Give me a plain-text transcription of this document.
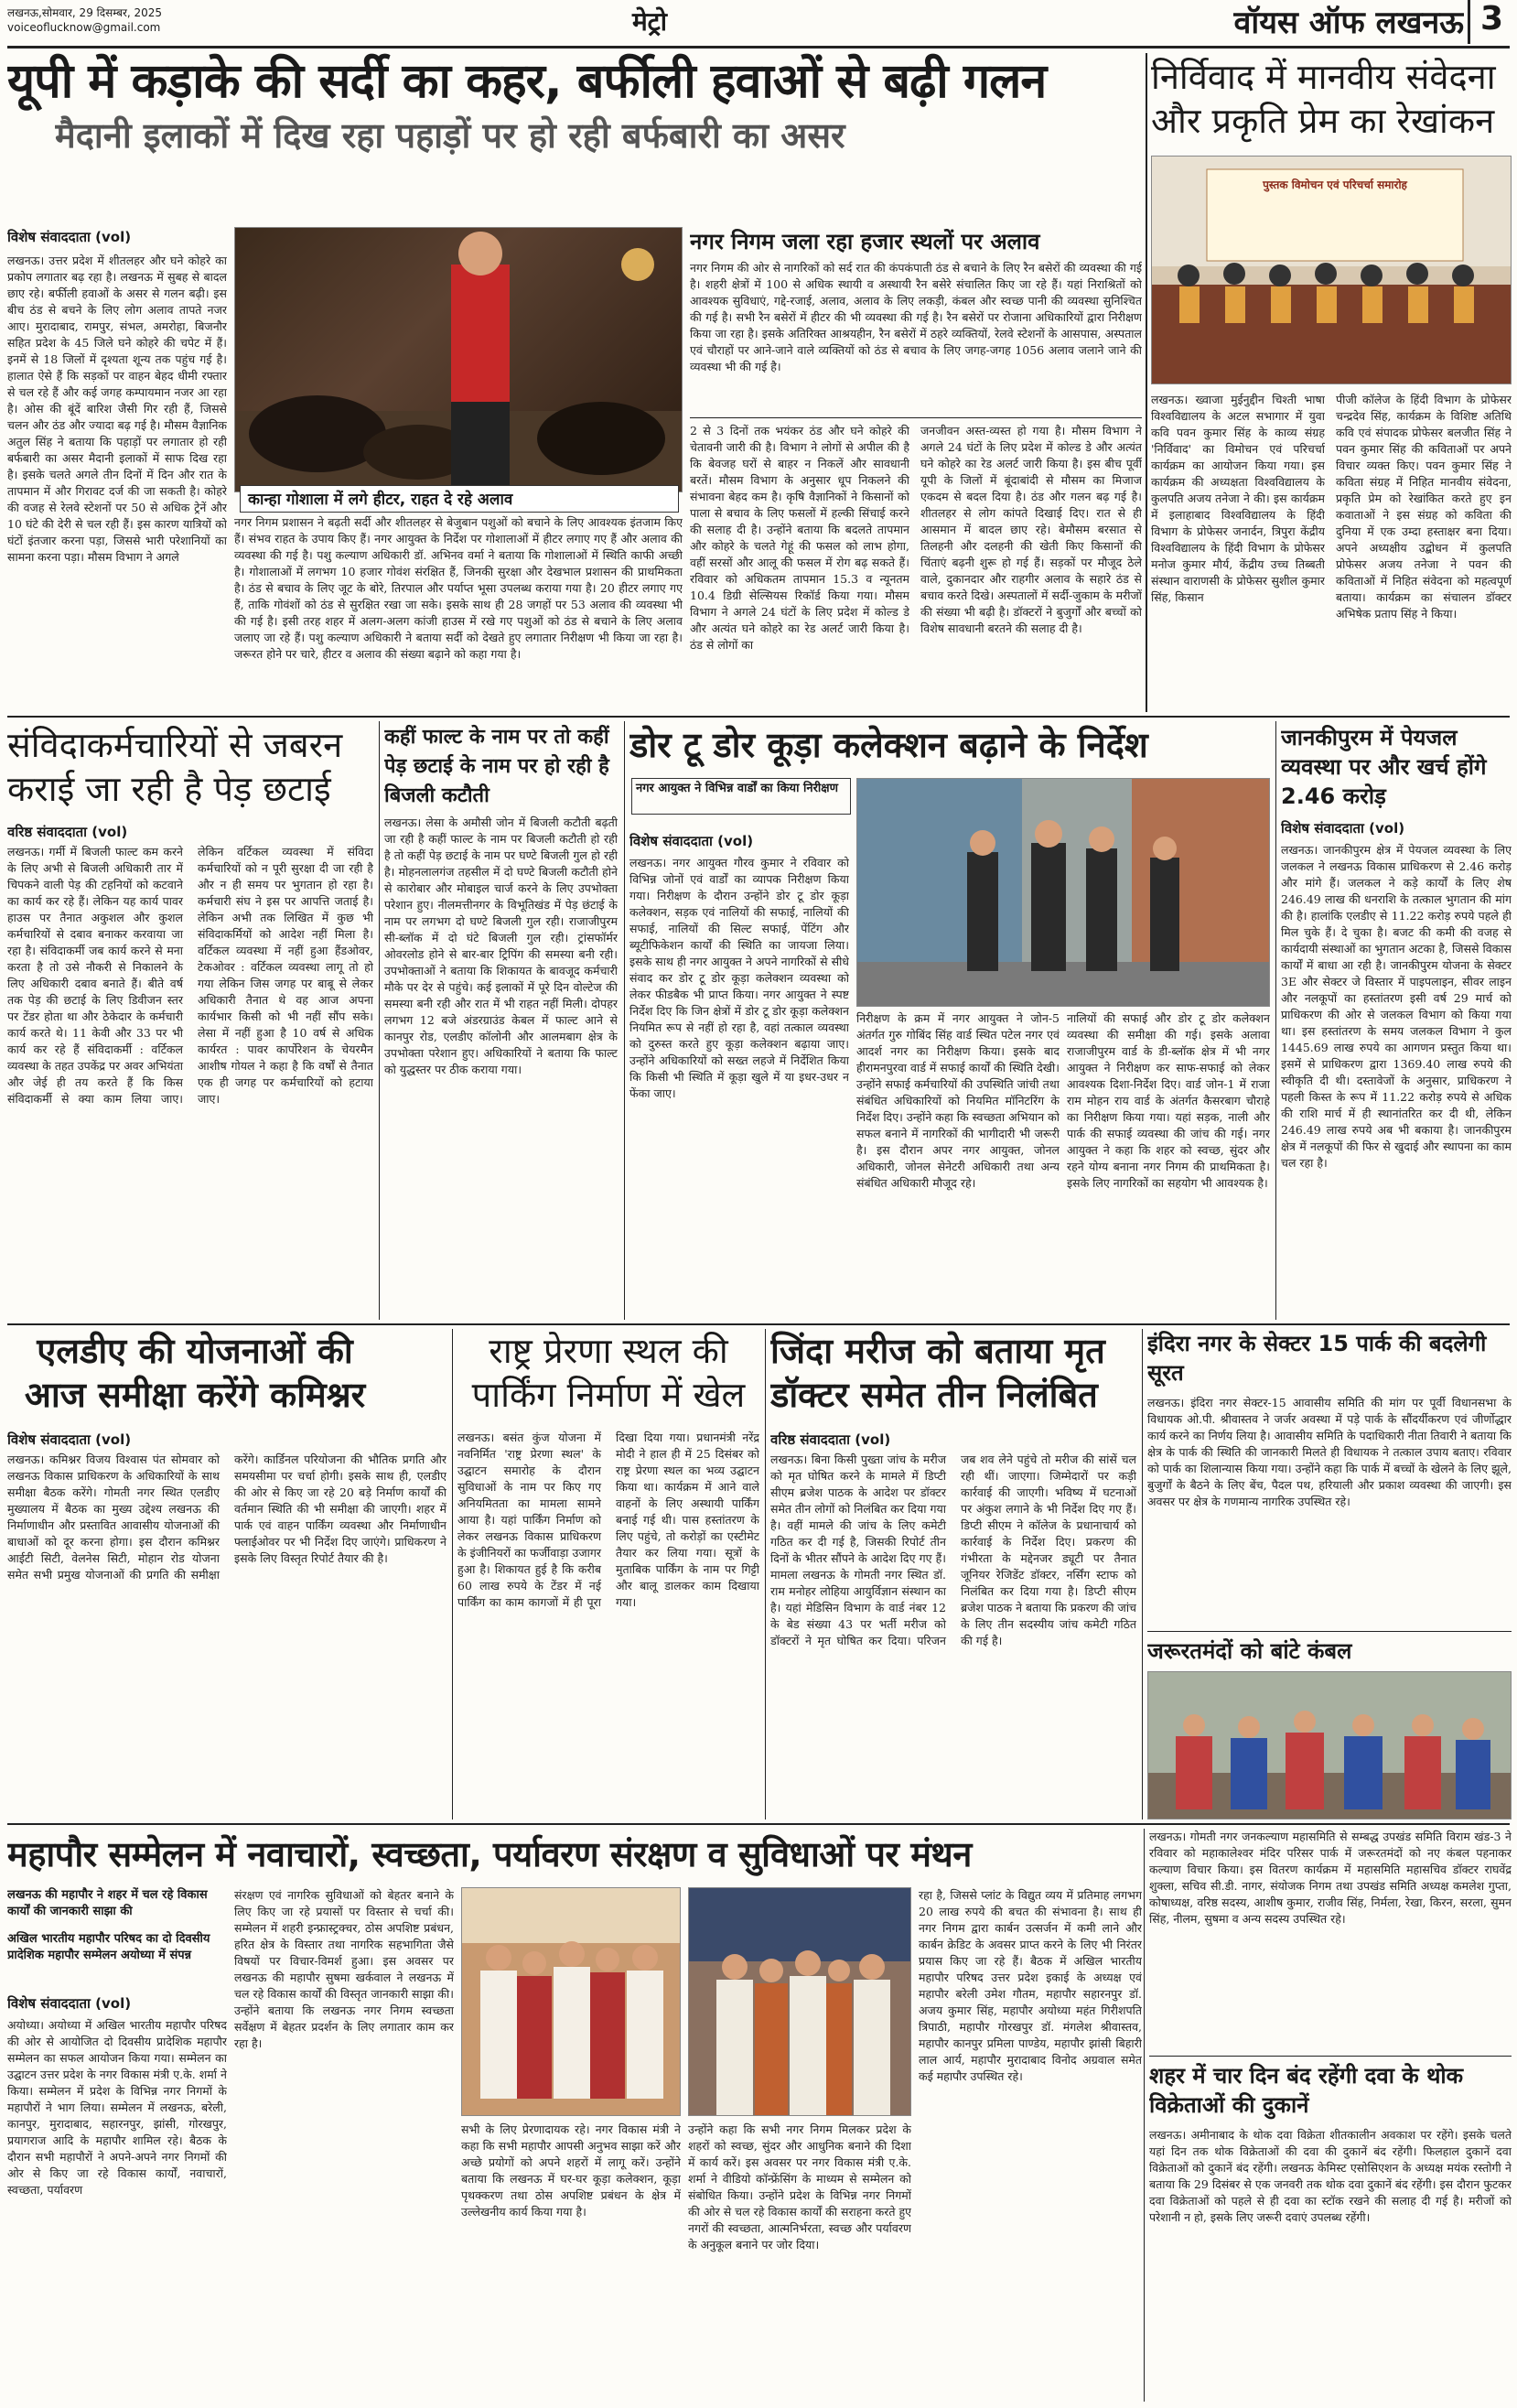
लखनऊ,सोमवार, 29 दिसम्बर, 2025
voiceoflucknow@gmail.com	मेट्रो	वॉयस ऑफ लखनऊ 3
यूपी में कड़ाके की सर्दी का कहर, बर्फीली हवाओं से बढ़ी गलन
मैदानी इलाकों में दिख रहा पहाड़ों पर हो रही बर्फबारी का असर
विशेष संवाददाता (vol)
लखनऊ। उत्तर प्रदेश में शीतलहर और घने कोहरे का प्रकोप लगातार बढ़ रहा है। लखनऊ में सुबह से बादल छाए रहे। बर्फीली हवाओं के असर से गलन बढ़ी। इस बीच ठंड से बचने के लिए लोग अलाव तापते नजर आए। मुरादाबाद, रामपुर, संभल, अमरोहा, बिजनौर सहित प्रदेश के 45 जिले घने कोहरे की चपेट में हैं। इनमें से 18 जिलों में दृश्यता शून्य तक पहुंच गई है। हालात ऐसे हैं कि सड़कों पर वाहन बेहद धीमी रफ्तार से चल रहे हैं और कई जगह कम्पायमान नजर आ रहा है। ओस की बूंदें बारिश जैसी गिर रही हैं, जिससे चलन और ठंड और ज्यादा बढ़ गई है। मौसम वैज्ञानिक अतुल सिंह ने बताया कि पहाड़ों पर लगातार हो रही बर्फबारी का असर मैदानी इलाकों में साफ दिख रहा है। इसके चलते अगले तीन दिनों में दिन और रात के तापमान में और गिरावट दर्ज की जा सकती है। कोहरे की वजह से रेलवे स्टेशनों पर 50 से अधिक ट्रेनें और 10 घंटे की देरी से चल रही हैं। इस कारण यात्रियों को घंटों इंतजार करना पड़ा, जिससे भारी परेशानियों का सामना करना पड़ा। मौसम विभाग ने अगले
कान्हा गोशाला में लगे हीटर, राहत दे रहे अलाव
नगर निगम प्रशासन ने बढ़ती सर्दी और शीतलहर से बेजुबान पशुओं को बचाने के लिए आवश्यक इंतजाम किए हैं। संभव राहत के उपाय किए हैं। नगर आयुक्त के निर्देश पर गोशालाओं में हीटर लगाए गए हैं और अलाव की व्यवस्था की गई है। पशु कल्याण अधिकारी डॉ. अभिनव वर्मा ने बताया कि गोशालाओं में स्थिति काफी अच्छी है। गोशालाओं में लगभग 10 हजार गोवंश संरक्षित हैं, जिनकी सुरक्षा और देखभाल प्रशासन की प्राथमिकता है। ठंड से बचाव के लिए जूट के बोरे, तिरपाल और पर्याप्त भूसा उपलब्ध कराया गया है। 20 हीटर लगाए गए हैं, ताकि गोवंशों को ठंड से सुरक्षित रखा जा सके। इसके साथ ही 28 जगहों पर 53 अलाव की व्यवस्था भी की गई है। इसी तरह शहर में अलग-अलग कांजी हाउस में रखे गए पशुओं को ठंड से बचाने के लिए अलाव जलाए जा रहे हैं। पशु कल्याण अधिकारी ने बताया सर्दी को देखते हुए लगातार निरीक्षण भी किया जा रहा है। जरूरत होने पर चारे, हीटर व अलाव की संख्या बढ़ाने को कहा गया है।
नगर निगम जला रहा हजार स्थलों पर अलाव
नगर निगम की ओर से नागरिकों को सर्द रात की कंपकंपाती ठंड से बचाने के लिए रैन बसेरों की व्यवस्था की गई है। शहरी क्षेत्रों में 100 से अधिक स्थायी व अस्थायी रैन बसेरे संचालित किए जा रहे हैं। यहां निराश्रितों को आवश्यक सुविधाएं, गद्दे-रजाई, अलाव, अलाव के लिए लकड़ी, कंबल और स्वच्छ पानी की व्यवस्था सुनिश्चित की गई है। सभी रैन बसेरों में हीटर की भी व्यवस्था की गई है। रैन बसेरों पर रोजाना अधिकारियों द्वारा निरीक्षण किया जा रहा है। इसके अतिरिक्त आश्रयहीन, रैन बसेरों में ठहरे व्यक्तियों, रेलवे स्टेशनों के आसपास, अस्पताल एवं चौराहों पर आने-जाने वाले व्यक्तियों को ठंड से बचाव के लिए जगह-जगह 1056 अलाव जलाने जाने की व्यवस्था भी की गई है।
2 से 3 दिनों तक भयंकर ठंड और घने कोहरे की चेतावनी जारी की है। विभाग ने लोगों से अपील की है कि बेवजह घरों से बाहर न निकलें और सावधानी बरतें। मौसम विभाग के अनुसार धूप निकलने की संभावना बेहद कम है। कृषि वैज्ञानिकों ने किसानों को पाला से बचाव के लिए फसलों में हल्की सिंचाई करने की सलाह दी है। उन्होंने बताया कि बदलते तापमान और कोहरे के चलते गेहूं की फसल को लाभ होगा, वहीं सरसों और आलू की फसल में रोग बढ़ सकते हैं। रविवार को अधिकतम तापमान 15.3 व न्यूनतम 10.4 डिग्री सेल्सियस रिकॉर्ड किया गया। मौसम विभाग ने अगले 24 घंटों के लिए प्रदेश में कोल्ड डे और अत्यंत घने कोहरे का रेड अलर्ट जारी किया है। ठंड से लोगों का
जनजीवन अस्त-व्यस्त हो गया है। मौसम विभाग ने अगले 24 घंटों के लिए प्रदेश में कोल्ड डे और अत्यंत घने कोहरे का रेड अलर्ट जारी किया है। इस बीच पूर्वी यूपी के जिलों में बूंदाबांदी से मौसम का मिजाज एकदम से बदल दिया है। ठंड और गलन बढ़ गई है। शीतलहर से लोग कांपते दिखाई दिए। रात से ही आसमान में बादल छाए रहे। बेमौसम बरसात से तिलहनी और दलहनी की खेती किए किसानों की चिंताएं बढ़नी शुरू हो गई हैं। सड़कों पर मौजूद ठेले वाले, दुकानदार और राहगीर अलाव के सहारे ठंड से बचाव करते दिखे। अस्पतालों में सर्दी-जुकाम के मरीजों की संख्या भी बढ़ी है। डॉक्टरों ने बुजुर्गों और बच्चों को विशेष सावधानी बरतने की सलाह दी है।
निर्विवाद में मानवीय संवेदना और प्रकृति प्रेम का रेखांकन
पुस्तक विमोचन एवं परिचर्चा समारोह
लखनऊ। ख्वाजा मुईनुद्दीन चिश्ती भाषा विश्वविद्यालय के अटल सभागार में युवा कवि पवन कुमार सिंह के काव्य संग्रह 'निर्विवाद' का विमोचन एवं परिचर्चा कार्यक्रम का आयोजन किया गया। इस कार्यक्रम की अध्यक्षता विश्वविद्यालय के कुलपति अजय तनेजा ने की। इस कार्यक्रम में इलाहाबाद विश्वविद्यालय के हिंदी विभाग के प्रोफेसर जनार्दन, त्रिपुरा केंद्रीय विश्वविद्यालय के हिंदी विभाग के प्रोफेसर मनोज कुमार मौर्य, केंद्रीय उच्च तिब्बती संस्थान वाराणसी के प्रोफेसर सुशील कुमार सिंह, किसान
पीजी कॉलेज के हिंदी विभाग के प्रोफेसर चन्द्रदेव सिंह, कार्यक्रम के विशिष्ट अतिथि कवि एवं संपादक प्रोफेसर बलजीत सिंह ने पवन कुमार सिंह की कविताओं पर अपने विचार व्यक्त किए। पवन कुमार सिंह ने कविता संग्रह में निहित मानवीय संवेदना, प्रकृति प्रेम को रेखांकित करते हुए इन कवाताओं ने इस संग्रह को कविता की दुनिया में एक उम्दा हस्ताक्षर बना दिया। अपने अध्यक्षीय उद्बोधन में कुलपति प्रोफेसर अजय तनेजा ने पवन की कविताओं में निहित संवेदना को महत्वपूर्ण बताया। कार्यक्रम का संचालन डॉक्टर अभिषेक प्रताप सिंह ने किया।
संविदाकर्मचारियों से जबरन कराई जा रही है पेड़ छटाई
वरिष्ठ संवाददाता (vol)
लखनऊ। गर्मी में बिजली फाल्ट कम करने के लिए अभी से बिजली अधिकारी तार में चिपकने वाली पेड़ की टहनियों को कटवाने का कार्य कर रहे हैं। लेकिन यह कार्य पावर हाउस पर तैनात अकुशल और कुशल कर्मचारियों से दबाव बनाकर करवाया जा रहा है। संविदाकर्मी जब कार्य करने से मना करता है तो उसे नौकरी से निकालने के लिए अधिकारी दबाव बनाते हैं। बीते वर्ष तक पेड़ की छटाई के लिए डिवीजन स्तर पर टेंडर होता था और ठेकेदार के कर्मचारी कार्य करते थे। 11 केवी और 33 पर भी कार्य कर रहे हैं संविदाकर्मी : वर्टिकल व्यवस्था के तहत उपकेंद्र पर अवर अभियंता और जेई ही तय करते हैं कि किस संविदाकर्मी से क्या काम लिया जाए। लेकिन वर्टिकल व्यवस्था में संविदा कर्मचारियों को न पूरी सुरक्षा दी जा रही है और न ही समय पर भुगतान हो रहा है। कर्मचारी संघ ने इस पर आपत्ति जताई है। लेकिन अभी तक लिखित में कुछ भी संविदाकर्मियों को आदेश नहीं मिला है। वर्टिकल व्यवस्था में नहीं हुआ हैंडओवर, टेकओवर : वर्टिकल व्यवस्था लागू तो हो गया लेकिन जिस जगह पर बाबू से लेकर अधिकारी तैनात थे वह आज अपना कार्यभार किसी को भी नहीं सौंप सके। लेसा में नहीं हुआ है 10 वर्ष से अधिक कार्यरत : पावर कार्पोरेशन के चेयरमैन आशीष गोयल ने कहा है कि वर्षों से तैनात एक ही जगह पर कर्मचारियों को हटाया जाए।
कहीं फाल्ट के नाम पर तो कहीं पेड़ छटाई के नाम पर हो रही है बिजली कटौती
लखनऊ। लेसा के अमौसी जोन में बिजली कटौती बढ़ती जा रही है कहीं फाल्ट के नाम पर बिजली कटौती हो रही है तो कहीं पेड़ छटाई के नाम पर घण्टे बिजली गुल हो रही है। मोहनलालगंज तहसील में दो घण्टे बिजली कटौती होने से कारोबार और मोबाइल चार्ज करने के लिए उपभोक्ता परेशान हुए। नीलमत्तीनगर के विभूतिखंड में पेड़ छंटाई के नाम पर लगभग दो घण्टे बिजली गुल रही। राजाजीपुरम सी-ब्लॉक में दो घंटे बिजली गुल रही। ट्रांसफॉर्मर ओवरलोड होने से बार-बार ट्रिपिंग की समस्या बनी रही। उपभोक्ताओं ने बताया कि शिकायत के बावजूद कर्मचारी मौके पर देर से पहुंचे। कई इलाकों में पूरे दिन वोल्टेज की समस्या बनी रही और रात में भी राहत नहीं मिली। दोपहर लगभग 12 बजे अंडरग्राउंड केबल में फाल्ट आने से कानपुर रोड, एलडीए कॉलोनी और आलमबाग क्षेत्र के उपभोक्ता परेशान हुए। अधिकारियों ने बताया कि फाल्ट को युद्धस्तर पर ठीक कराया गया।
डोर टू डोर कूड़ा कलेक्शन बढ़ाने के निर्देश
नगर आयुक्त ने विभिन्न वार्डों का किया निरीक्षण
विशेष संवाददाता (vol)
लखनऊ। नगर आयुक्त गौरव कुमार ने रविवार को विभिन्न जोनों एवं वार्डों का व्यापक निरीक्षण किया गया। निरीक्षण के दौरान उन्होंने डोर टू डोर कूड़ा कलेक्शन, सड़क एवं नालियों की सफाई, नालियों की सफाई, नालियों की सिल्ट सफाई, पेंटिंग और ब्यूटीफिकेशन कार्यों की स्थिति का जायजा लिया। इसके साथ ही नगर आयुक्त ने अपने नागरिकों से सीधे संवाद कर डोर टू डोर कूड़ा कलेक्शन व्यवस्था को लेकर फीडबैक भी प्राप्त किया। नगर आयुक्त ने स्पष्ट निर्देश दिए कि जिन क्षेत्रों में डोर टू डोर कूड़ा कलेक्शन नियमित रूप से नहीं हो रहा है, वहां तत्काल व्यवस्था को दुरुस्त करते हुए कूड़ा कलेक्शन बढ़ाया जाए। उन्होंने अधिकारियों को सख्त लहजे में निर्देशित किया कि किसी भी स्थिति में कूड़ा खुले में या इधर-उधर न फेंका जाए।
निरीक्षण के क्रम में नगर आयुक्त ने जोन-5 अंतर्गत गुरु गोबिंद सिंह वार्ड स्थित पटेल नगर एवं आदर्श नगर का निरीक्षण किया। इसके बाद हीरामनपुरवा वार्ड में सफाई कार्यों की स्थिति देखी। उन्होंने सफाई कर्मचारियों की उपस्थिति जांची तथा संबंधित अधिकारियों को नियमित मॉनिटरिंग के निर्देश दिए। उन्होंने कहा कि स्वच्छता अभियान को सफल बनाने में नागरिकों की भागीदारी भी जरूरी है। इस दौरान अपर नगर आयुक्त, जोनल अधिकारी, जोनल सेनेटरी अधिकारी तथा अन्य संबंधित अधिकारी मौजूद रहे।
नालियों की सफाई और डोर टू डोर कलेक्शन व्यवस्था की समीक्षा की गई। इसके अलावा राजाजीपुरम वार्ड के डी-ब्लॉक क्षेत्र में भी नगर आयुक्त ने निरीक्षण कर साफ-सफाई को लेकर आवश्यक दिशा-निर्देश दिए। वार्ड जोन-1 में राजा राम मोहन राय वार्ड के अंतर्गत कैसरबाग चौराहे का निरीक्षण किया गया। यहां सड़क, नाली और पार्क की सफाई व्यवस्था की जांच की गई। नगर आयुक्त ने कहा कि शहर को स्वच्छ, सुंदर और रहने योग्य बनाना नगर निगम की प्राथमिकता है। इसके लिए नागरिकों का सहयोग भी आवश्यक है।
जानकीपुरम में पेयजल व्यवस्था पर और खर्च होंगे 2.46 करोड़
विशेष संवाददाता (vol)
लखनऊ। जानकीपुरम क्षेत्र में पेयजल व्यवस्था के लिए जलकल ने लखनऊ विकास प्राधिकरण से 2.46 करोड़ और मांगे हैं। जलकल ने कड़े कार्यों के लिए शेष 246.49 लाख की धनराशि के तत्काल भुगतान की मांग की है। हालांकि एलडीए से 11.22 करोड़ रुपये पहले ही मिल चुके हैं। दे चुका है। बजट की कमी की वजह से कार्यदायी संस्थाओं का भुगतान अटका है, जिससे विकास कार्यों में बाधा आ रही है। जानकीपुरम योजना के सेक्टर 3E और सेक्टर जे विस्तार में पाइपलाइन, सीवर लाइन और नलकूपों का हस्तांतरण इसी वर्ष 29 मार्च को प्राधिकरण की ओर से जलकल विभाग को किया गया था। इस हस्तांतरण के समय जलकल विभाग ने कुल 1445.69 लाख रुपये का आगणन प्रस्तुत किया था। इसमें से प्राधिकरण द्वारा 1369.40 लाख रुपये की स्वीकृति दी थी। दस्तावेजों के अनुसार, प्राधिकरण ने पहली किस्त के रूप में 11.22 करोड़ रुपये से अधिक की राशि मार्च में ही स्थानांतरित कर दी थी, लेकिन 246.49 लाख रुपये अब भी बकाया है। जानकीपुरम क्षेत्र में नलकूपों की फिर से खुदाई और स्थापना का काम चल रहा है।
एलडीए की योजनाओं की आज समीक्षा करेंगे कमिश्नर
विशेष संवाददाता (vol)
लखनऊ। कमिश्नर विजय विश्वास पंत सोमवार को लखनऊ विकास प्राधिकरण के अधिकारियों के साथ समीक्षा बैठक करेंगे। गोमती नगर स्थित एलडीए मुख्यालय में बैठक का मुख्य उद्देश्य लखनऊ की निर्माणाधीन और प्रस्तावित आवासीय योजनाओं की बाधाओं को दूर करना होगा। इस दौरान कमिश्नर आईटी सिटी, वेलनेस सिटी, मोहान रोड योजना समेत सभी प्रमुख योजनाओं की प्रगति की समीक्षा करेंगे। कार्डिनल परियोजना की भौतिक प्रगति और समयसीमा पर चर्चा होगी। इसके साथ ही, एलडीए की ओर से किए जा रहे 20 बड़े निर्माण कार्यों की वर्तमान स्थिति की भी समीक्षा की जाएगी। शहर में पार्क एवं वाहन पार्किंग व्यवस्था और निर्माणाधीन फ्लाईओवर पर भी निर्देश दिए जाएंगे। प्राधिकरण ने इसके लिए विस्तृत रिपोर्ट तैयार की है।
राष्ट्र प्रेरणा स्थल की पार्किंग निर्माण में खेल
लखनऊ। बसंत कुंज योजना में नवनिर्मित 'राष्ट्र प्रेरणा स्थल' के उद्घाटन समारोह के दौरान सुविधाओं के नाम पर किए गए अनियमितता का मामला सामने आया है। यहां पार्किंग निर्माण को लेकर लखनऊ विकास प्राधिकरण के इंजीनियरों का फर्जीवाड़ा उजागर हुआ है। शिकायत हुई है कि करीब 60 लाख रुपये के टेंडर में नई पार्किंग का काम कागजों में ही पूरा दिखा दिया गया। प्रधानमंत्री नरेंद्र मोदी ने हाल ही में 25 दिसंबर को राष्ट्र प्रेरणा स्थल का भव्य उद्घाटन किया था। कार्यक्रम में आने वाले वाहनों के लिए अस्थायी पार्किंग बनाई गई थी। पास हस्तांतरण के लिए पहुंचे, तो करोड़ों का एस्टीमेट तैयार कर लिया गया। सूत्रों के मुताबिक पार्किंग के नाम पर गिट्टी और बालू डालकर काम दिखाया गया।
जिंदा मरीज को बताया मृत डॉक्टर समेत तीन निलंबित
वरिष्ठ संवाददाता (vol)
लखनऊ। बिना किसी पुख्ता जांच के मरीज को मृत घोषित करने के मामले में डिप्टी सीएम ब्रजेश पाठक के आदेश पर डॉक्टर समेत तीन लोगों को निलंबित कर दिया गया है। वहीं मामले की जांच के लिए कमेटी गठित कर दी गई है, जिसकी रिपोर्ट तीन दिनों के भीतर सौंपने के आदेश दिए गए हैं। मामला लखनऊ के गोमती नगर स्थित डॉ. राम मनोहर लोहिया आयुर्विज्ञान संस्थान का है। यहां मेडिसिन विभाग के वार्ड नंबर 12 के बेड संख्या 43 पर भर्ती मरीज को डॉक्टरों ने मृत घोषित कर दिया। परिजन जब शव लेने पहुंचे तो मरीज की सांसें चल रही थीं। जाएगा। जिम्मेदारों पर कड़ी कार्रवाई की जाएगी। भविष्य में घटनाओं पर अंकुश लगाने के भी निर्देश दिए गए हैं। डिप्टी सीएम ने कॉलेज के प्रधानाचार्य को कार्रवाई के निर्देश दिए। प्रकरण की गंभीरता के मद्देनजर ड्यूटी पर तैनात जूनियर रेजिडेंट डॉक्टर, नर्सिंग स्टाफ को निलंबित कर दिया गया है। डिप्टी सीएम ब्रजेश पाठक ने बताया कि प्रकरण की जांच के लिए तीन सदस्यीय जांच कमेटी गठित की गई है।
इंदिरा नगर के सेक्टर 15 पार्क की बदलेगी सूरत
लखनऊ। इंदिरा नगर सेक्टर-15 आवासीय समिति की मांग पर पूर्वी विधानसभा के विधायक ओ.पी. श्रीवास्तव ने जर्जर अवस्था में पड़े पार्क के सौंदर्यीकरण एवं जीर्णोद्धार कार्य करने का निर्णय लिया है। आवासीय समिति के पदाधिकारी नीता तिवारी ने बताया कि क्षेत्र के पार्क की स्थिति की जानकारी मिलते ही विधायक ने तत्काल उपाय बताए। रविवार को पार्क का शिलान्यास किया गया। उन्होंने कहा कि पार्क में बच्चों के खेलने के लिए झूले, बुजुर्गों के बैठने के लिए बेंच, पैदल पथ, हरियाली और प्रकाश व्यवस्था की जाएगी। इस अवसर पर क्षेत्र के गणमान्य नागरिक उपस्थित रहे।
जरूरतमंदों को बांटे कंबल
महापौर सम्मेलन में नवाचारों, स्वच्छता, पर्यावरण संरक्षण व सुविधाओं पर मंथन
लखनऊ की महापौर ने शहर में चल रहे विकास कार्यों की जानकारी साझा की
अखिल भारतीय महापौर परिषद का दो दिवसीय प्रादेशिक महापौर सम्मेलन अयोध्या में संपन्न
विशेष संवाददाता (vol)
अयोध्या। अयोध्या में अखिल भारतीय महापौर परिषद की ओर से आयोजित दो दिवसीय प्रादेशिक महापौर सम्मेलन का सफल आयोजन किया गया। सम्मेलन का उद्घाटन उत्तर प्रदेश के नगर विकास मंत्री ए.के. शर्मा ने किया। सम्मेलन में प्रदेश के विभिन्न नगर निगमों के महापौरों ने भाग लिया। सम्मेलन में लखनऊ, बरेली, कानपुर, मुरादाबाद, सहारनपुर, झांसी, गोरखपुर, प्रयागराज आदि के महापौर शामिल रहे। बैठक के दौरान सभी महापौरों ने अपने-अपने नगर निगमों की ओर से किए जा रहे विकास कार्यों, नवाचारों, स्वच्छता, पर्यावरण
संरक्षण एवं नागरिक सुविधाओं को बेहतर बनाने के लिए किए जा रहे प्रयासों पर विस्तार से चर्चा की। सम्मेलन में शहरी इन्फ्रास्ट्रक्चर, ठोस अपशिष्ट प्रबंधन, हरित क्षेत्र के विस्तार तथा नागरिक सहभागिता जैसे विषयों पर विचार-विमर्श हुआ। इस अवसर पर लखनऊ की महापौर सुषमा खर्कवाल ने लखनऊ में चल रहे विकास कार्यों की विस्तृत जानकारी साझा की। उन्होंने बताया कि लखनऊ नगर निगम स्वच्छता सर्वेक्षण में बेहतर प्रदर्शन के लिए लगातार काम कर रहा है।
सभी के लिए प्रेरणादायक रहे। नगर विकास मंत्री ने कहा कि सभी महापौर आपसी अनुभव साझा करें और अच्छे प्रयोगों को अपने शहरों में लागू करें। उन्होंने बताया कि लखनऊ में घर-घर कूड़ा कलेक्शन, कूड़ा पृथक्करण तथा ठोस अपशिष्ट प्रबंधन के क्षेत्र में उल्लेखनीय कार्य किया गया है।
उन्होंने कहा कि सभी नगर निगम मिलकर प्रदेश के शहरों को स्वच्छ, सुंदर और आधुनिक बनाने की दिशा में कार्य करें। इस अवसर पर नगर विकास मंत्री ए.के. शर्मा ने वीडियो कॉन्फ्रेंसिंग के माध्यम से सम्मेलन को संबोधित किया। उन्होंने प्रदेश के विभिन्न नगर निगमों की ओर से चल रहे विकास कार्यों की सराहना करते हुए नगरों की स्वच्छता, आत्मनिर्भरता, स्वच्छ और पर्यावरण के अनुकूल बनाने पर जोर दिया।
रहा है, जिससे प्लांट के विद्युत व्यय में प्रतिमाह लगभग 20 लाख रुपये की बचत की संभावना है। साथ ही नगर निगम द्वारा कार्बन उत्सर्जन में कमी लाने और कार्बन क्रेडिट के अवसर प्राप्त करने के लिए भी निरंतर प्रयास किए जा रहे हैं। बैठक में अखिल भारतीय महापौर परिषद उत्तर प्रदेश इकाई के अध्यक्ष एवं महापौर बरेली उमेश गौतम, महापौर सहारनपुर डॉ. अजय कुमार सिंह, महापौर अयोध्या महंत गिरीशपति त्रिपाठी, महापौर गोरखपुर डॉ. मंगलेश श्रीवास्तव, महापौर कानपुर प्रमिला पाण्डेय, महापौर झांसी बिहारी लाल आर्य, महापौर मुरादाबाद विनोद अग्रवाल समेत कई महापौर उपस्थित रहे।
लखनऊ। गोमती नगर जनकल्याण महासमिति से सम्बद्ध उपखंड समिति विराम खंड-3 ने रविवार को महाकालेश्वर मंदिर परिसर पार्क में जरूरतमंदों को नए कंबल पहनाकर कल्याण विचार किया। इस वितरण कार्यक्रम में महासमिति महासचिव डॉक्टर राघवेंद्र शुक्ला, सचिव सी.डी. नागर, संयोजक निगम तथा उपखंड समिति अध्यक्ष कमलेश गुप्ता, कोषाध्यक्ष, वरिष्ठ सदस्य, आशीष कुमार, राजीव सिंह, निर्मला, रेखा, किरन, सरला, सुमन सिंह, नीलम, सुषमा व अन्य सदस्य उपस्थित रहे।
शहर में चार दिन बंद रहेंगी दवा के थोक विक्रेताओं की दुकानें
लखनऊ। अमीनाबाद के थोक दवा विक्रेता शीतकालीन अवकाश पर रहेंगे। इसके चलते यहां दिन तक थोक विक्रेताओं की दवा की दुकानें बंद रहेंगी। फिलहाल दुकानें दवा विक्रेताओं को दुकानें बंद रहेंगी। लखनऊ केमिस्ट एसोसिएशन के अध्यक्ष मयंक रस्तोगी ने बताया कि 29 दिसंबर से एक जनवरी तक थोक दवा दुकानें बंद रहेंगी। इस दौरान फुटकर दवा विक्रेताओं को पहले से ही दवा का स्टॉक रखने की सलाह दी गई है। मरीजों को परेशानी न हो, इसके लिए जरूरी दवाएं उपलब्ध रहेंगी।
